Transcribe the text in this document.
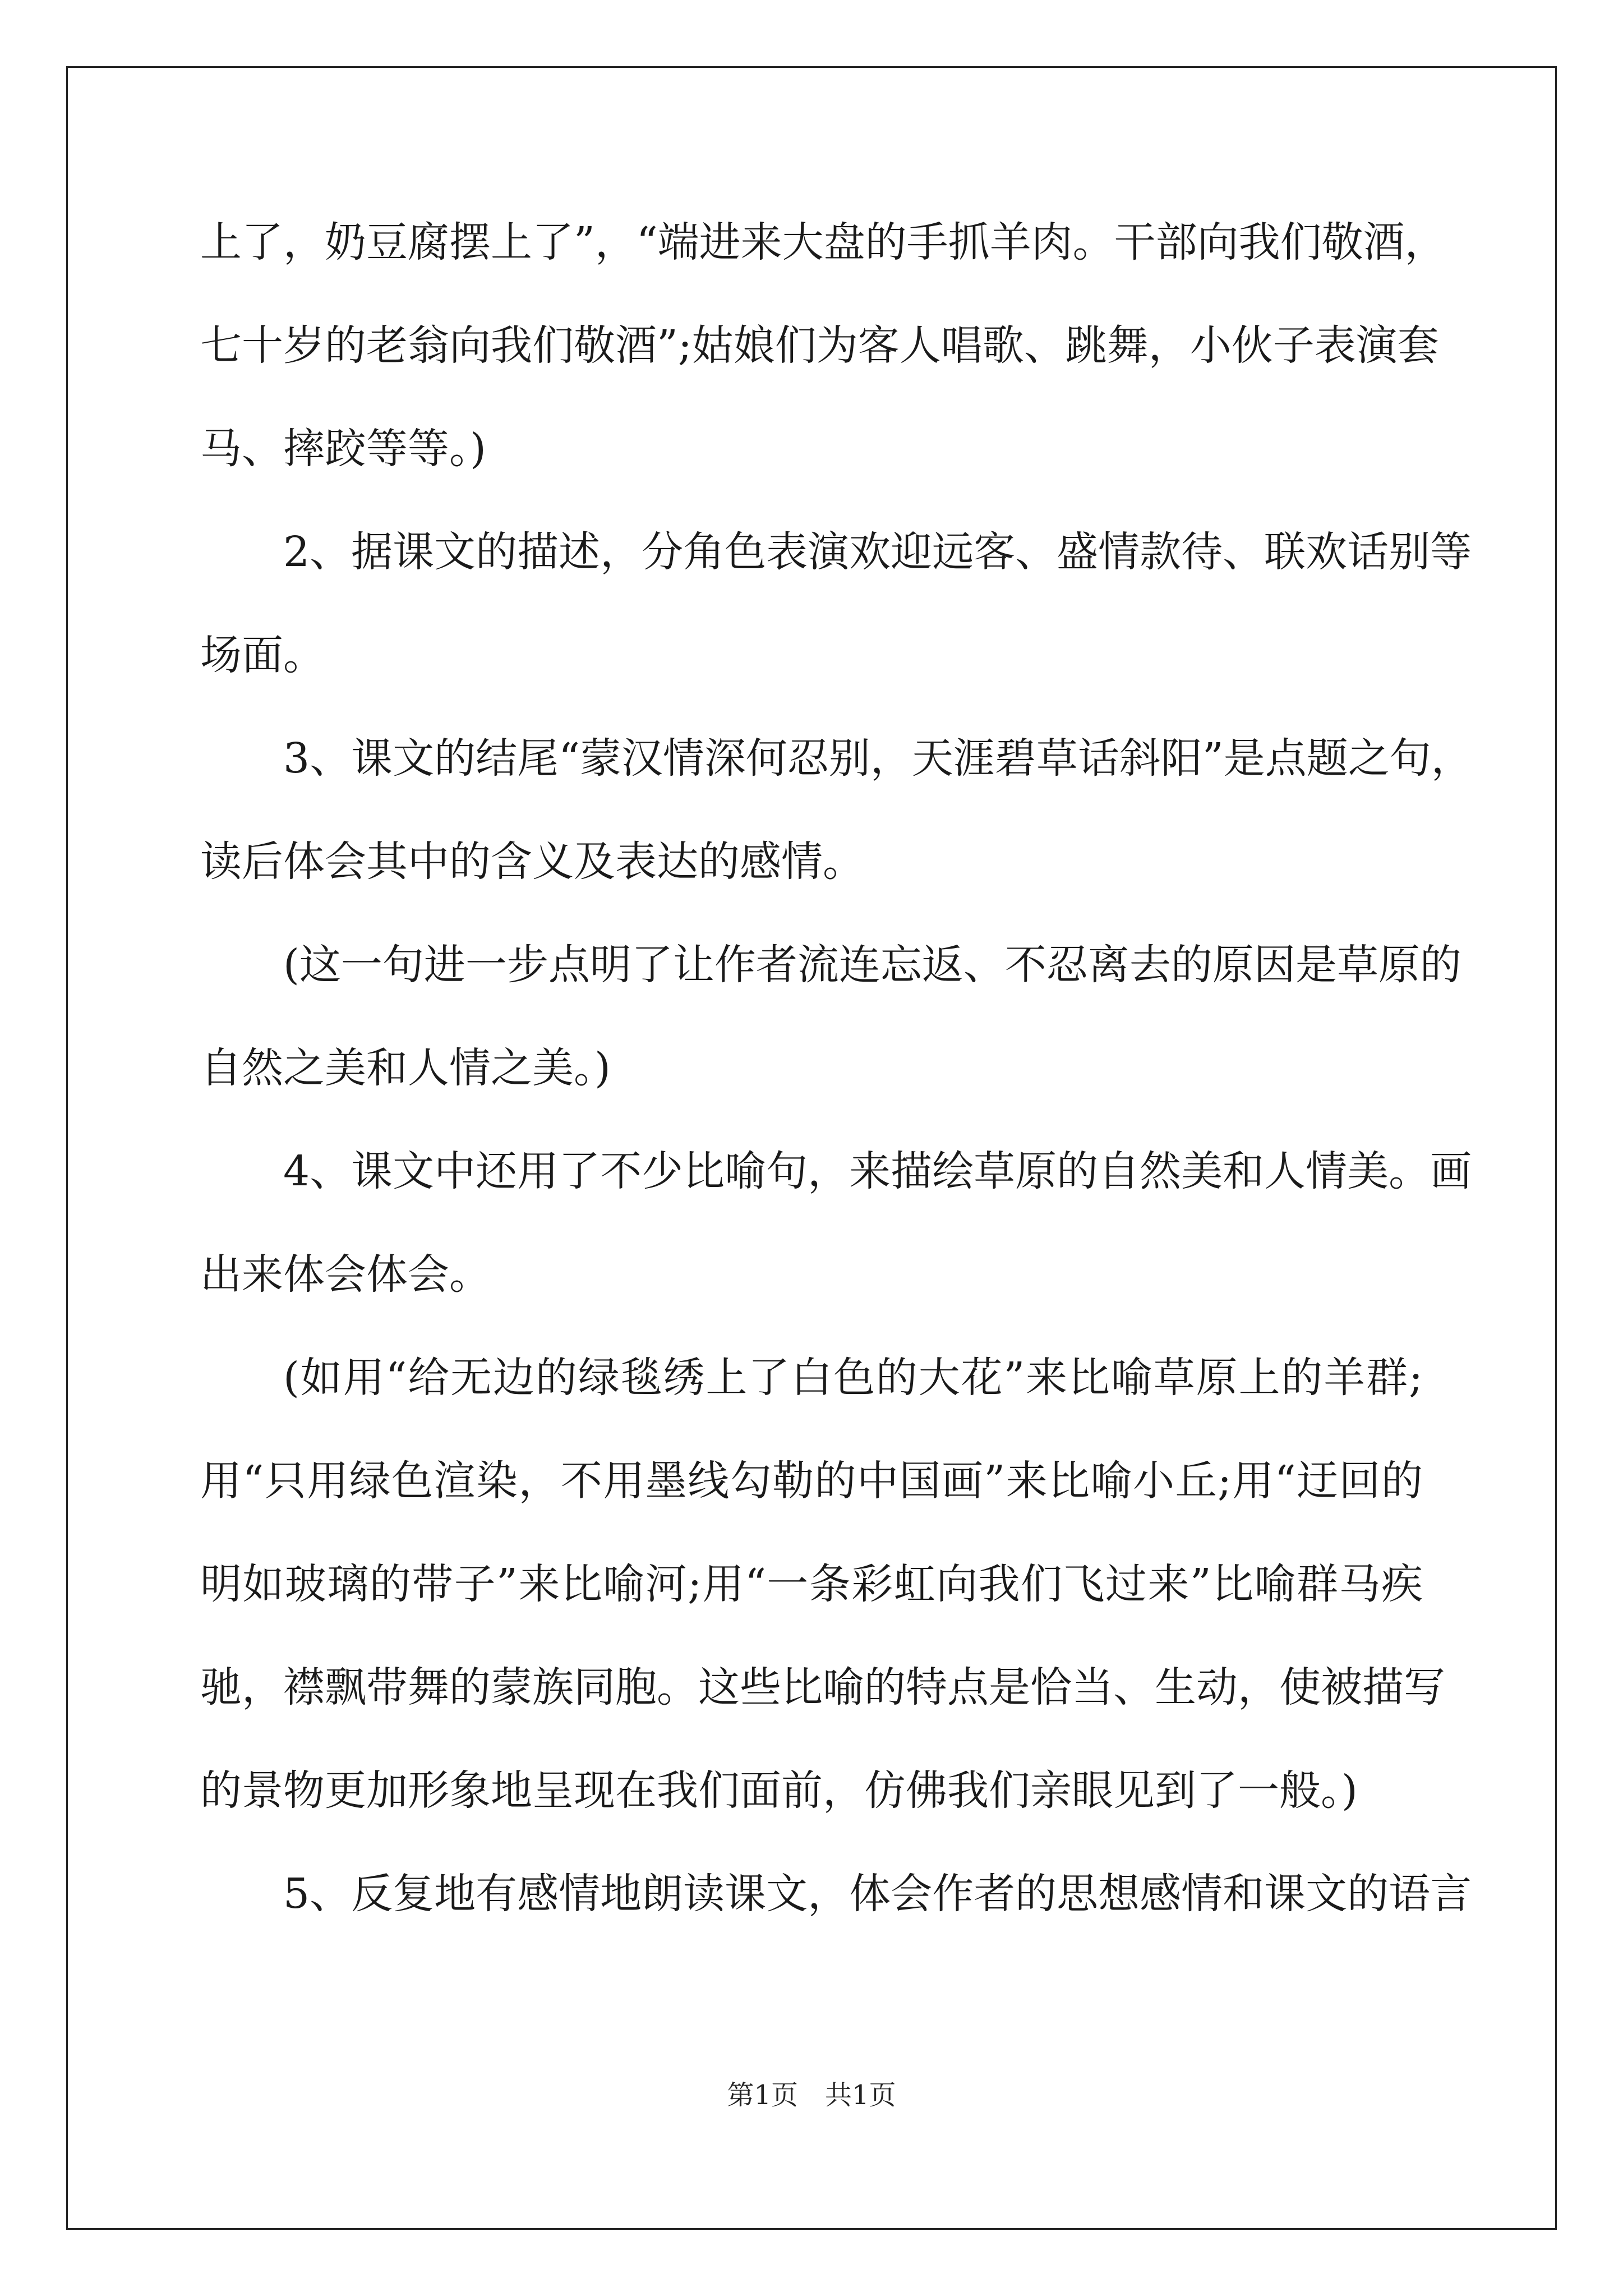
上了，奶豆腐摆上了”，“端进来大盘的手抓羊肉。干部向我们敬酒，
七十岁的老翁向我们敬酒”;姑娘们为客人唱歌、跳舞，小伙子表演套
马、摔跤等等。)
2、据课文的描述，分角色表演欢迎远客、盛情款待、联欢话别等
场面。
3、课文的结尾“蒙汉情深何忍别，天涯碧草话斜阳”是点题之句，
读后体会其中的含义及表达的感情。
(这一句进一步点明了让作者流连忘返、不忍离去的原因是草原的
自然之美和人情之美。)
4、课文中还用了不少比喻句，来描绘草原的自然美和人情美。画
出来体会体会。
(如用“给无边的绿毯绣上了白色的大花”来比喻草原上的羊群;
用“只用绿色渲染，不用墨线勾勒的中国画”来比喻小丘;用“迂回的
明如玻璃的带子”来比喻河;用“一条彩虹向我们飞过来”比喻群马疾
驰，襟飘带舞的蒙族同胞。这些比喻的特点是恰当、生动，使被描写
的景物更加形象地呈现在我们面前，仿佛我们亲眼见到了一般。)
5、反复地有感情地朗读课文，体会作者的思想感情和课文的语言
第1页　共1页
